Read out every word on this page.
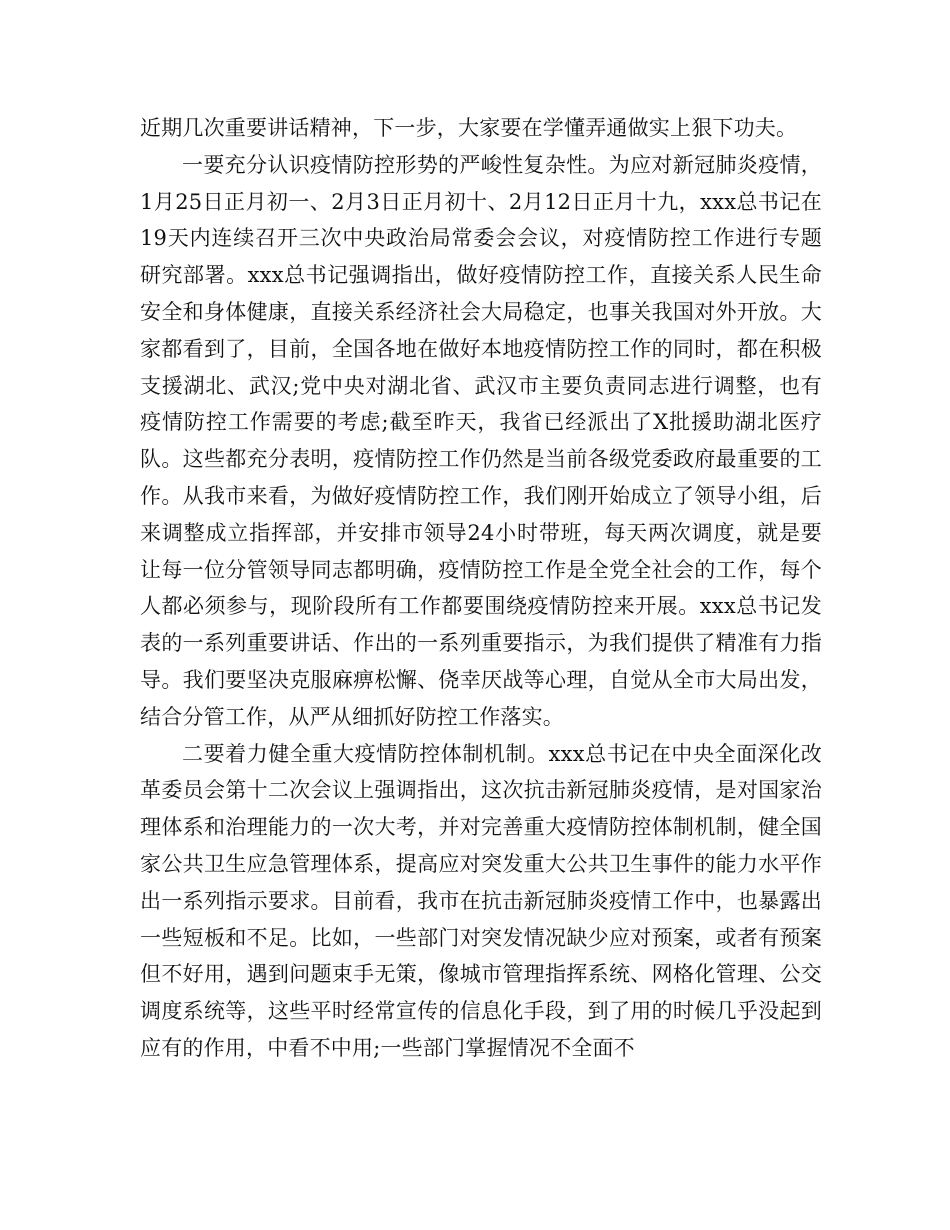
近期几次重要讲话精神，下一步，大家要在学懂弄通做实上狠下功夫。

一要充分认识疫情防控形势的严峻性复杂性。为应对新冠肺炎疫情，1月25日正月初一、2月3日正月初十、2月12日正月十九，xxx总书记在19天内连续召开三次中央政治局常委会会议，对疫情防控工作进行专题研究部署。xxx总书记强调指出，做好疫情防控工作，直接关系人民生命安全和身体健康，直接关系经济社会大局稳定，也事关我国对外开放。大家都看到了，目前，全国各地在做好本地疫情防控工作的同时，都在积极支援湖北、武汉;党中央对湖北省、武汉市主要负责同志进行调整，也有疫情防控工作需要的考虑;截至昨天，我省已经派出了X批援助湖北医疗队。这些都充分表明，疫情防控工作仍然是当前各级党委政府最重要的工作。从我市来看，为做好疫情防控工作，我们刚开始成立了领导小组，后来调整成立指挥部，并安排市领导24小时带班，每天两次调度，就是要让每一位分管领导同志都明确，疫情防控工作是全党全社会的工作，每个人都必须参与，现阶段所有工作都要围绕疫情防控来开展。xxx总书记发表的一系列重要讲话、作出的一系列重要指示，为我们提供了精准有力指导。我们要坚决克服麻痹松懈、侥幸厌战等心理，自觉从全市大局出发，结合分管工作，从严从细抓好防控工作落实。

二要着力健全重大疫情防控体制机制。xxx总书记在中央全面深化改革委员会第十二次会议上强调指出，这次抗击新冠肺炎疫情，是对国家治理体系和治理能力的一次大考，并对完善重大疫情防控体制机制，健全国家公共卫生应急管理体系，提高应对突发重大公共卫生事件的能力水平作出一系列指示要求。目前看，我市在抗击新冠肺炎疫情工作中，也暴露出一些短板和不足。比如，一些部门对突发情况缺少应对预案，或者有预案但不好用，遇到问题束手无策，像城市管理指挥系统、网格化管理、公交调度系统等，这些平时经常宣传的信息化手段，到了用的时候几乎没起到应有的作用，中看不中用;一些部门掌握情况不全面不
